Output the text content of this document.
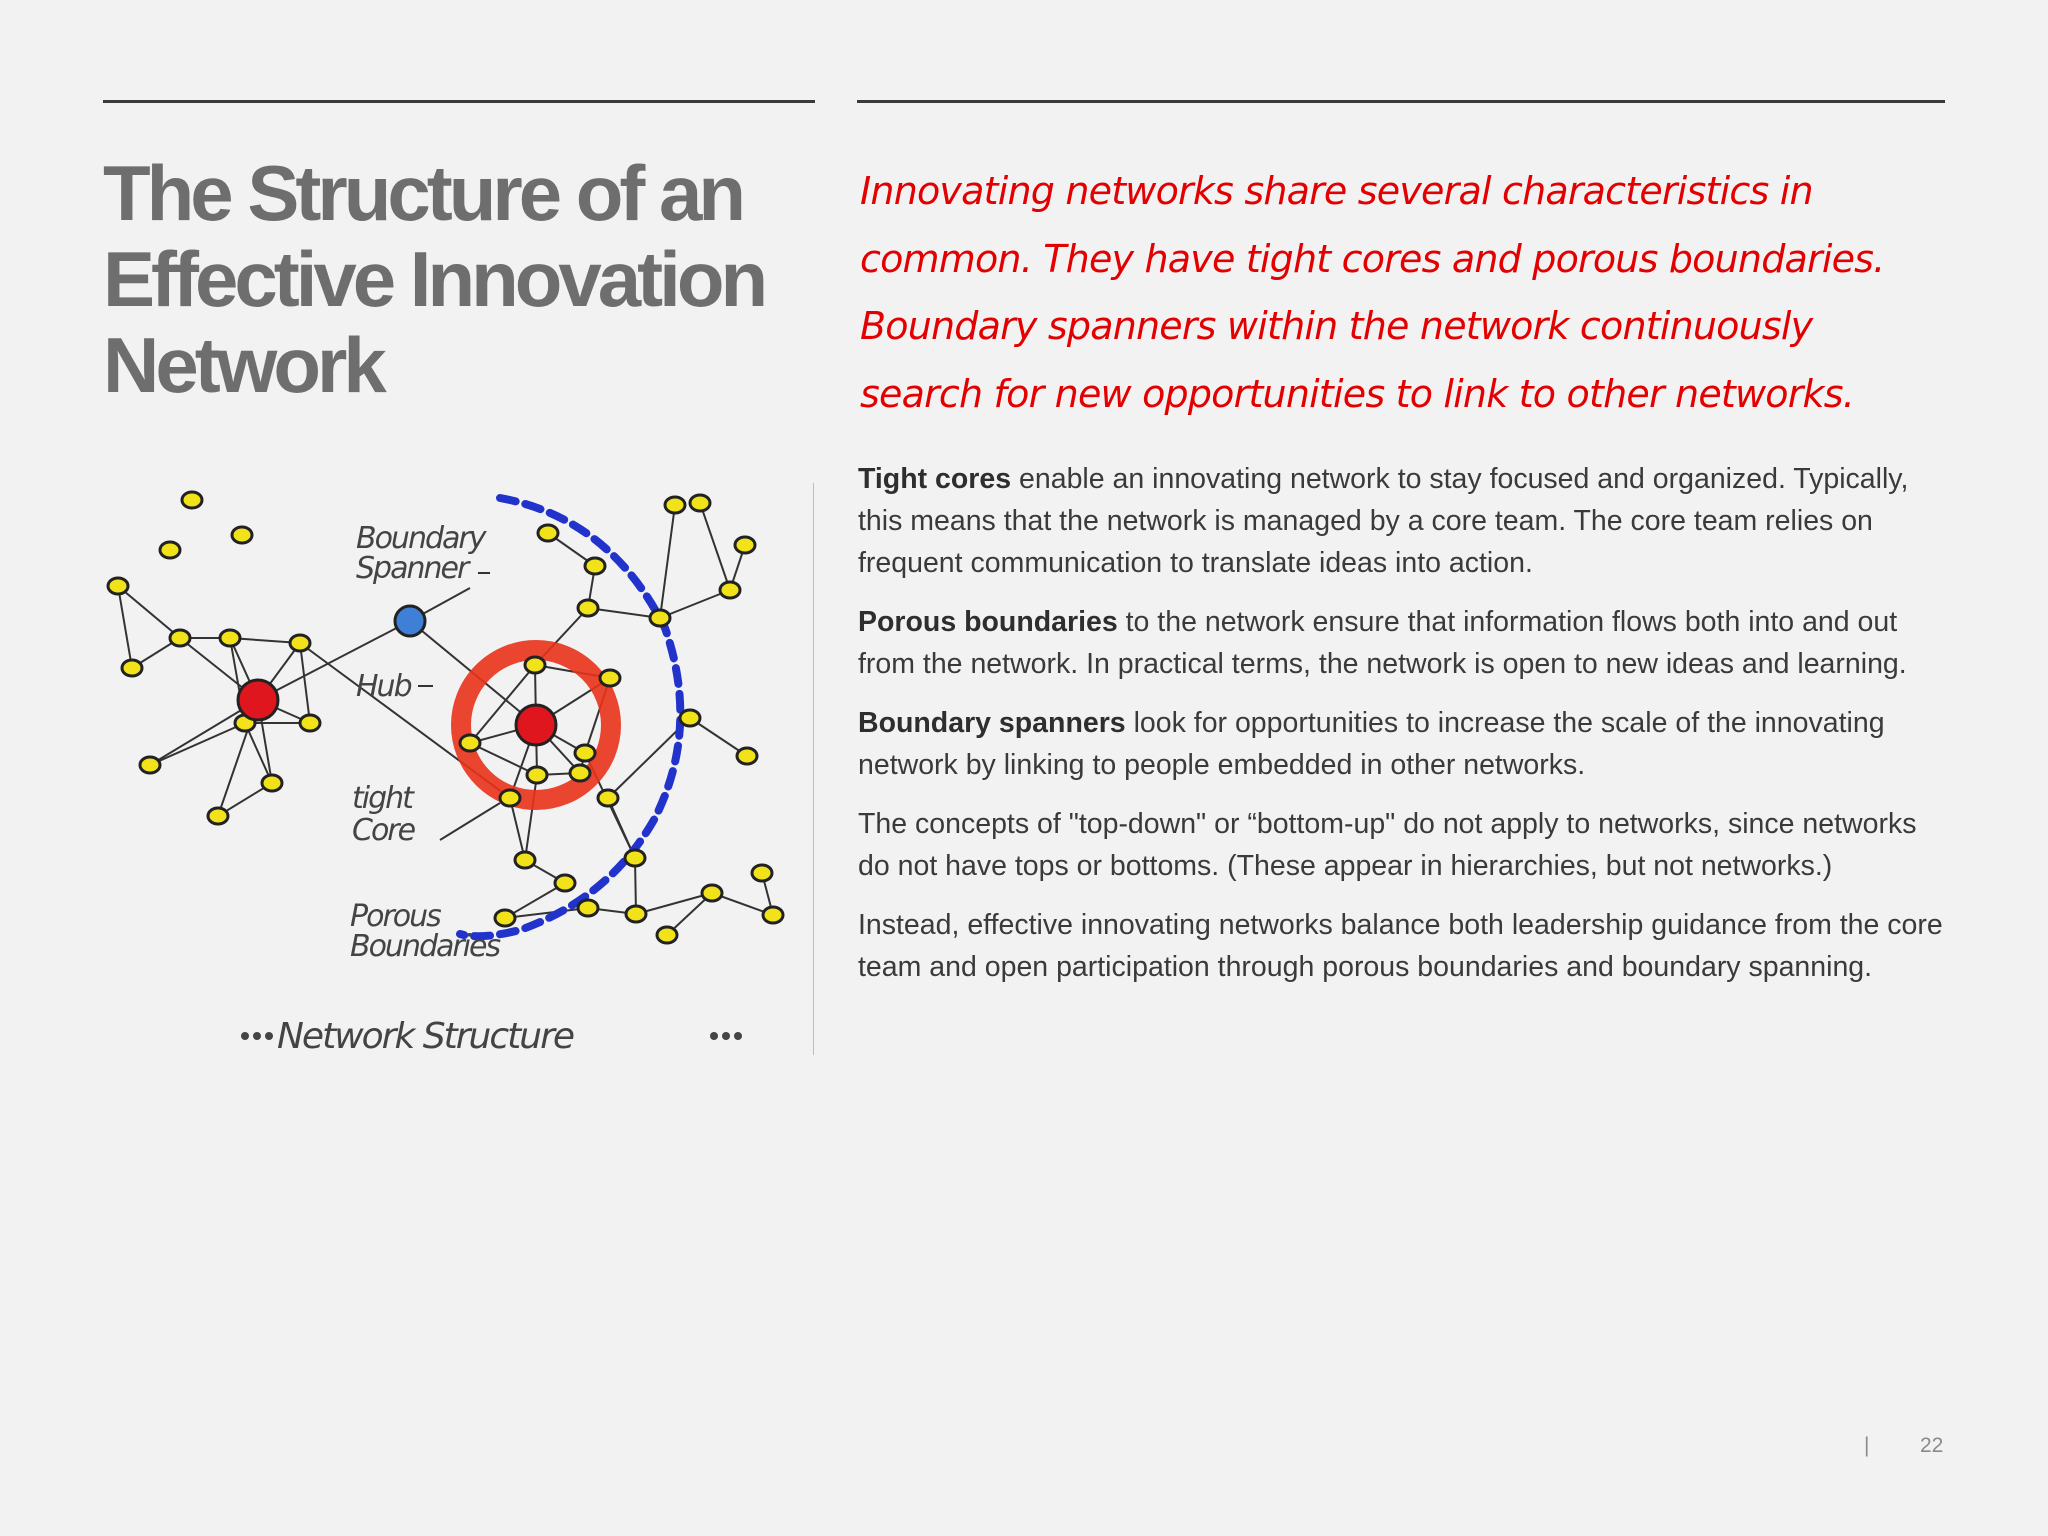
The Structure of an
Effective Innovation
Network
Innovating networks share several characteristics in
common. They have tight cores and porous boundaries.
Boundary spanners within the network continuously
search for new opportunities to link to other networks.

Tight cores enable an innovating network to stay focused and organized. Typically, this means that the network is managed by a core team. The core team relies on frequent communication to translate ideas into action.

Porous boundaries to the network ensure that information flows both into and out from the network. In practical terms, the network is open to new ideas and learning.

Boundary spanners look for opportunities to increase the scale of the innovating network by linking to people embedded in other networks.

The concepts of "top-down" or “bottom-up" do not apply to networks, since networks do not have tops or bottoms. (These appear in hierarchies, but not networks.)

Instead, effective innovating networks balance both leadership guidance from the core team and open participation through porous boundaries and boundary spanning.

Boundary
Spanner
Hub
tight
Core
Porous
Boundaries
Network Structure
| 22
